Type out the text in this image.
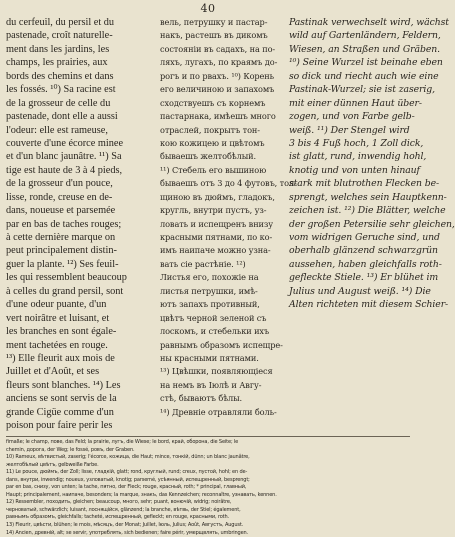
40
du cerfeuil, du persil et du
pastenade, croît naturelle-
ment dans les jardins, les
champs, les prairies, aux
bords des chemins et dans
les fossés. ¹⁰) Sa racine est
de la grosseur de celle du
pastenade, dont elle a aussi
l'odeur: elle est rameuse,
couverte d'une écorce minee
et d'un blanc jaunâtre. ¹¹) Sa
tige est haute de 3 à 4 pieds,
de la grosseur d'un pouce,
lisse, ronde, creuse en de-
dans, noueuse et parsemée
par en bas de taches rouges;
à cette dernière marque on
peut principalement distin-
guer la plante. ¹²) Ses feuil-
les qui ressemblent beaucoup
à celles du grand persil, sont
d'une odeur puante, d'un
vert noirâtre et luisant, et
les branches en sont égale-
ment tachetées en rouge.
¹³) Elle fleurit aux mois de
Juillet et d'Août, et ses
fleurs sont blanches. ¹⁴) Les
anciens se sont servis de la
grande Cigüe comme d'un
poison pour faire perir les
вель, петрушку и пастар-
накъ, растешъ въ дикомъ
состояніи въ садахъ, на по-
ляхъ, лугахъ, по краямъ до-
рогъ и по рвахъ. ¹⁰) Корень
его величиною и запахомъ
сходствуешъ съ корнемъ
пастарнака, имѣешъ много
отраслей, покрытъ тон-
кою кожицею и цвѣтомъ
бываешъ желтобѣлый.
¹¹) Стебель его вышиною
бываешъ отъ 3 до 4 футовъ, тол-
щиною въ дюймъ, гладокъ,
кругль, внутри пустъ, уз-
ловать и испещренъ внизу
красными пятнами, по ко-
имъ наипаче можно узна-
вать сіе растѣніе. ¹²)
Листья его, похожіе на
листья петрушки, имѣ-
ютъ запахъ противный,
цвѣтъ черной зеленой съ
лоскомъ, и стебельки ихъ
равнымъ образомъ испещре-
ны красными пятнами.
¹³) Цвѣшки, появляющіеся
на немъ въ Іюлѣ и Авгу-
стѣ, бываютъ бѣлы.
¹⁴) Древніе отравляли боль-
Pastinak verwechselt wird, wächst
wild auf Gartenländern, Feldern,
Wiesen, an Straßen und Gräben.
¹⁰) Seine Wurzel ist beinahe eben
so dick und riecht auch wie eine
Pastinak-Wurzel; sie ist zaserig,
mit einer dünnen Haut über-
zogen, und von Farbe gelb-
weiß. ¹¹) Der Stengel wird
3 bis 4 Fuß hoch, 1 Zoll dick,
ist glatt, rund, inwendig hohl,
knotig und von unten hinauf
stark mit blutrothen Flecken be-
sprengt, welches sein Hauptkenn-
zeichen ist. ¹²) Die Blätter, welche
der großen Petersilie sehr gleichen,
vom widrigen Geruche sind, und
oberhalb glänzend schwarzgrün
aussehen, haben gleichfalls roth-
gefleckte Stiele. ¹³) Er blühet im
Julius und August weiß. ¹⁴) Die
Alten richteten mit diesem Schier-
fimaße; le champ, пове, das Feld; la prairie, лугъ, die Wiese; le bord, край, оборона, die Seite; le
chemin, дорога, der Weg; le fossé, ровъ, der Graben.
10) Rameux, вѣтвистый, zaserig; l'écorce, кожица, die Haut; mince, тонкій, dünn; un blanc jaunâtre,
желтобѣлый цвѣтъ, gelbweiße Farbe.
11) Le pouce, дюймъ, der Zoll; lisse, гладкій, glatt; rond, круглый, rund; creux, пустой, hohl; en de-
dans, внутри, inwendig; noueux, узловатый, knotig; parsemé, усѣянный, испещренный, besprengt;
par en bas, снизу, von unten; la tache, пятно, der Fleck; rouge, красный, roth; * principal, главный,
Haupt; principalement, наипаче, besonders; la marque, знакъ, das Kennzeichen; reconnaître, узнавать, kennen.
12) Ressembler, походить, gleichen; beaucoup, много, sehr; puant, вонючій, widrig; noirâtre,
черноватый, schwärzlich; luisant, лоснящійся, glänzend; la branche, вѣтвь, der Stiel; également,
равнымъ образомъ, gleichfalls; tacheté, испещренный, gefleckt; en rouge, красными, roth.
13) Fleurir, цвѣсти, blühen; le mois, мѣсяцъ, der Monat; Juillet, Іюль, Julius; Août, Августъ, August.
14) Ancien, древній, alt; se servir, употреблять, sich bedienen; faire périr, умерщвлять, umbringen.
